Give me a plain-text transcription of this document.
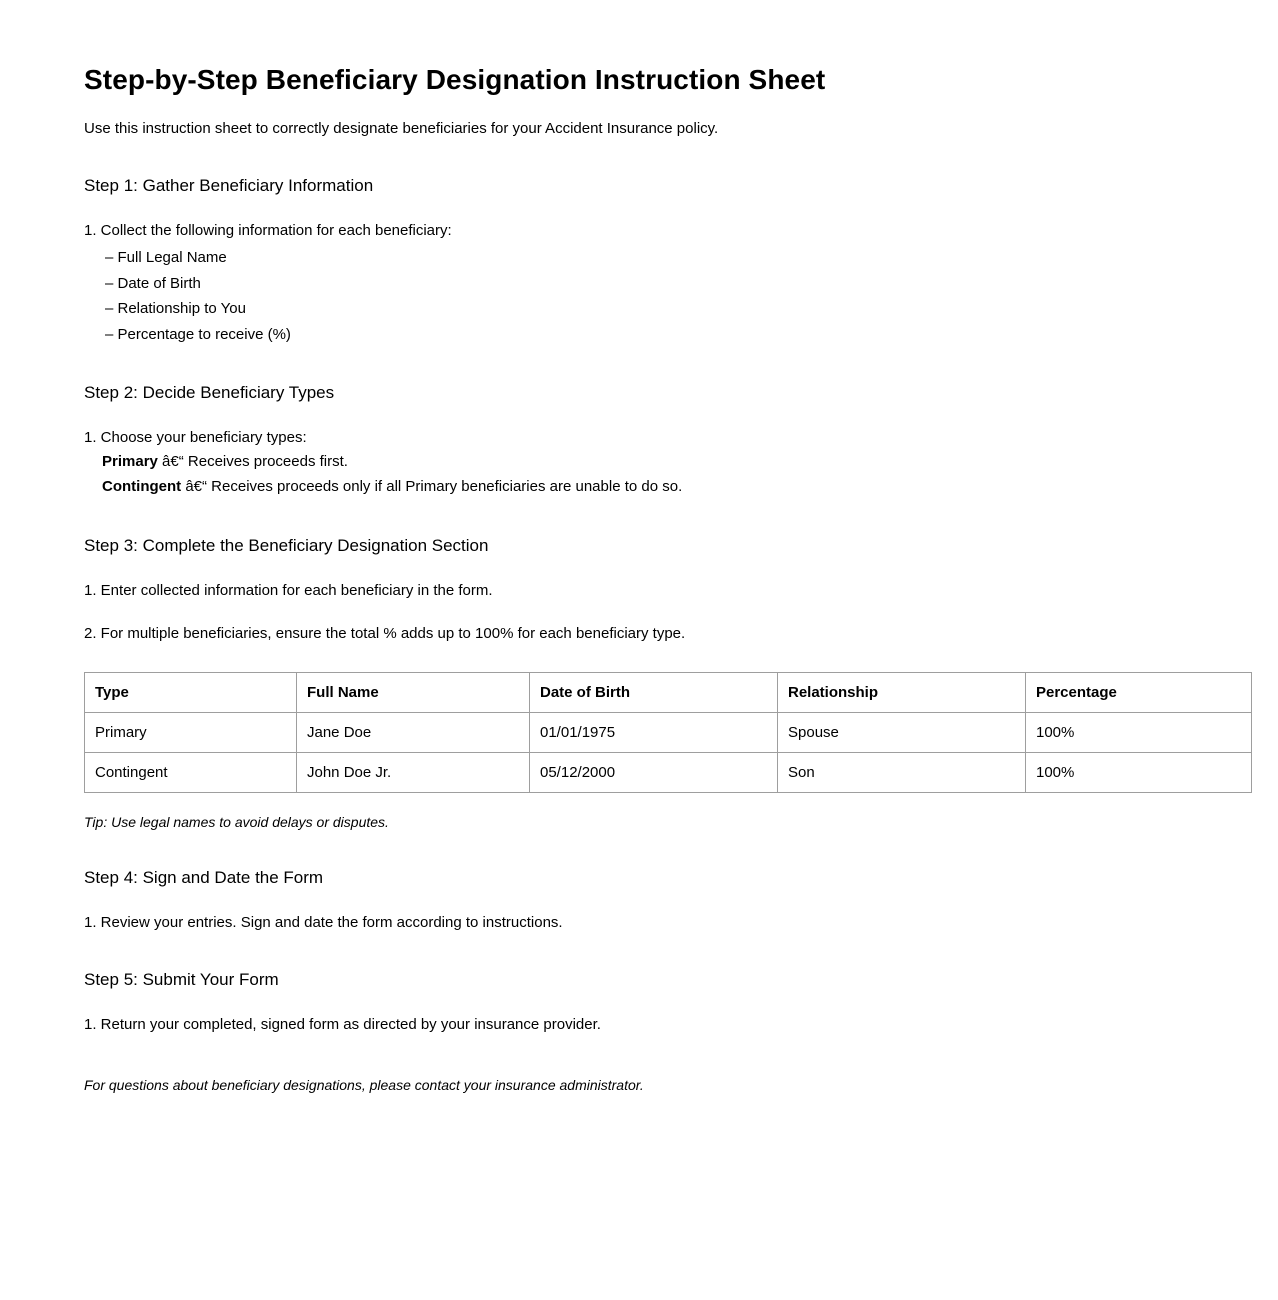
Step-by-Step Beneficiary Designation Instruction Sheet

Use this instruction sheet to correctly designate beneficiaries for your Accident Insurance policy.

Step 1: Gather Beneficiary Information

1. Collect the following information for each beneficiary:

– Full Legal Name
– Date of Birth
– Relationship to You
– Percentage to receive (%)
Step 2: Decide Beneficiary Types

1. Choose your beneficiary types:

Primary â€“ Receives proceeds first.

Contingent â€“ Receives proceeds only if all Primary beneficiaries are unable to do so.

Step 3: Complete the Beneficiary Designation Section

1. Enter collected information for each beneficiary in the form.

2. For multiple beneficiaries, ensure the total % adds up to 100% for each beneficiary type.

Type	Full Name	Date of Birth	Relationship	Percentage
Primary	Jane Doe	01/01/1975	Spouse	100%
Contingent	John Doe Jr.	05/12/2000	Son	100%

Tip: Use legal names to avoid delays or disputes.

Step 4: Sign and Date the Form

1. Review your entries. Sign and date the form according to instructions.

Step 5: Submit Your Form

1. Return your completed, signed form as directed by your insurance provider.

For questions about beneficiary designations, please contact your insurance administrator.
